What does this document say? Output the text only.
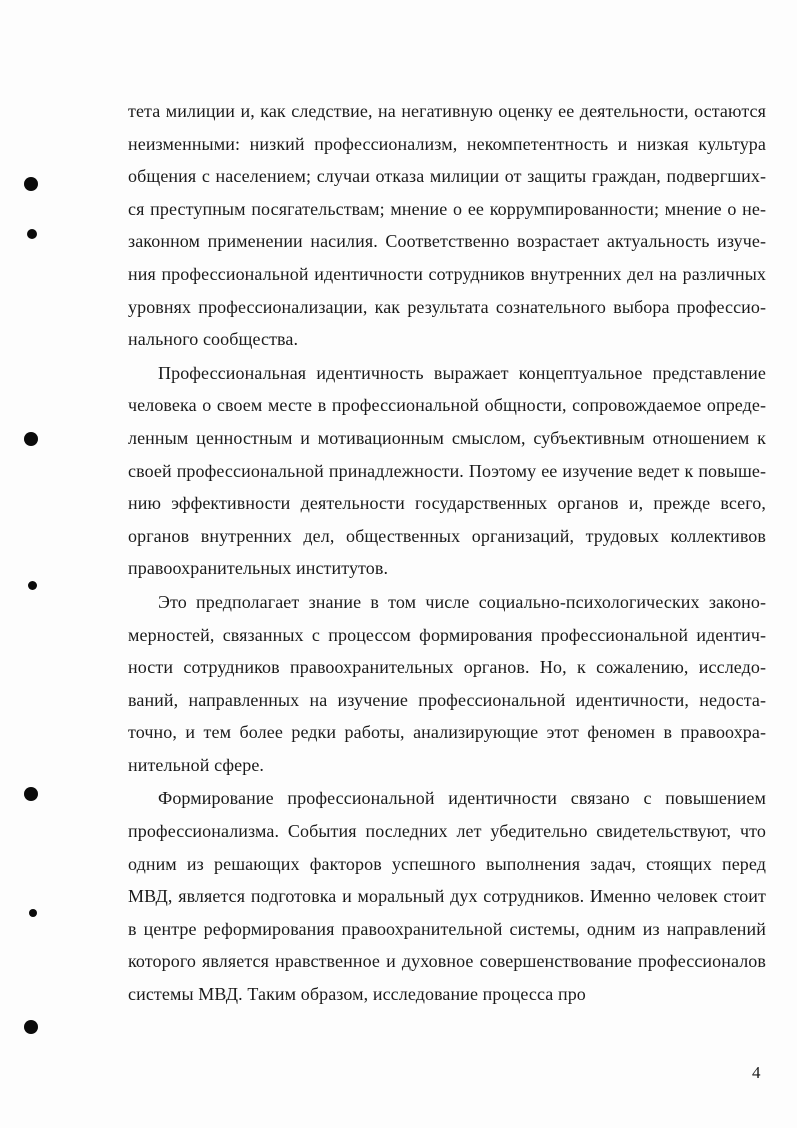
тета милиции и, как следствие, на негативную оценку ее деятельности, остаются неизменными: низкий профессионализм, некомпетентность и низкая культура общения с населением; случаи отказа милиции от защиты граждан, подвергшихся преступным посягательствам; мнение о ее коррумпированности; мнение о незаконном применении насилия. Соответственно возрастает актуальность изучения профессиональной идентичности сотрудников внутренних дел на различных уровнях профессионализации, как результата сознательного выбора профессионального сообщества.

Профессиональная идентичность выражает концептуальное представление человека о своем месте в профессиональной общности, сопровождаемое определенным ценностным и мотивационным смыслом, субъективным отношением к своей профессиональной принадлежности. Поэтому ее изучение ведет к повышению эффективности деятельности государственных органов и, прежде всего, органов внутренних дел, общественных организаций, трудовых коллективов правоохранительных институтов.

Это предполагает знание в том числе социально-психологических закономерностей, связанных с процессом формирования профессиональной идентичности сотрудников правоохранительных органов. Но, к сожалению, исследований, направленных на изучение профессиональной идентичности, недостаточно, и тем более редки работы, анализирующие этот феномен в правоохранительной сфере.

Формирование профессиональной идентичности связано с повышением профессионализма. События последних лет убедительно свидетельствуют, что одним из решающих факторов успешного выполнения задач, стоящих перед МВД, является подготовка и моральный дух сотрудников. Именно человек стоит в центре реформирования правоохранительной системы, одним из направлений которого является нравственное и духовное совершенствование профессионалов системы МВД. Таким образом, исследование процесса про

4
